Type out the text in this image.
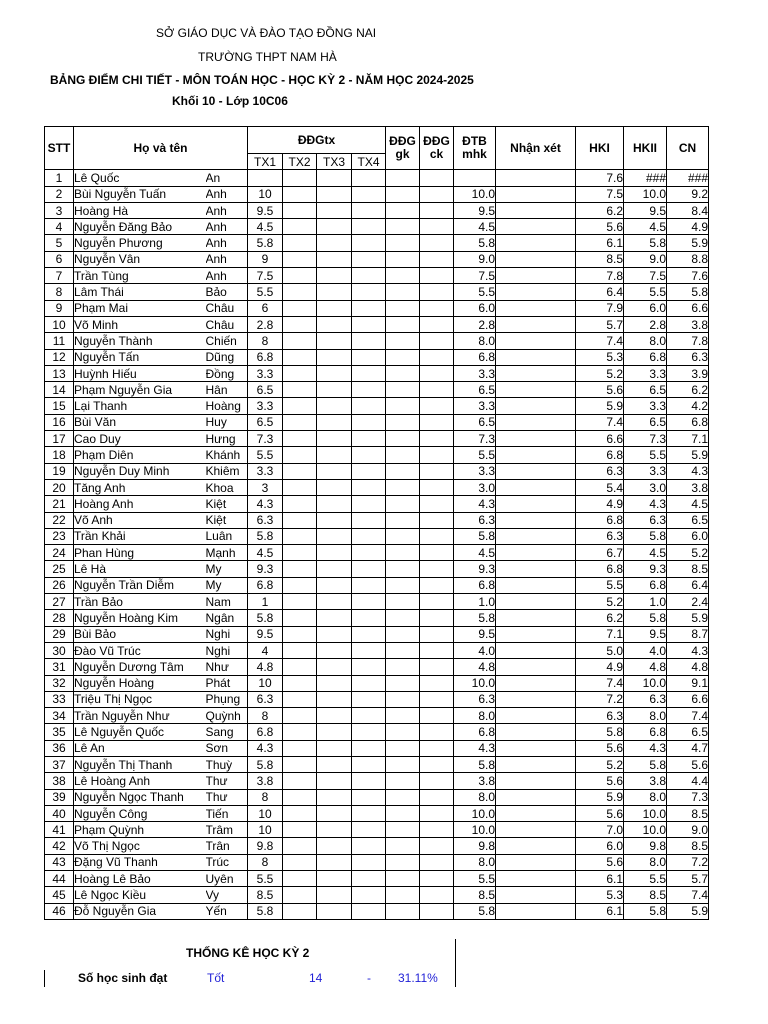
SỞ GIÁO DỤC VÀ ĐÀO TẠO ĐỒNG NAI
TRƯỜNG THPT NAM HÀ
BẢNG ĐIỂM CHI TIẾT - MÔN TOÁN HỌC - HỌC KỲ 2 - NĂM HỌC 2024-2025
Khối 10 - Lớp 10C06
STT	Họ và tên		ĐĐGtx				ĐĐG gk	ĐĐG ck	ĐTB mhk	Nhận xét	HKI	HKII	CN
			TX1	TX2	TX3	TX4							
1	Lê Quốc	An									7.6	###	###
2	Bùi Nguyễn Tuấn	Anh	10						10.0		7.5	10.0	9.2
3	Hoàng Hà	Anh	9.5						9.5		6.2	9.5	8.4
4	Nguyễn Đăng Bảo	Anh	4.5						4.5		5.6	4.5	4.9
5	Nguyễn Phương	Anh	5.8						5.8		6.1	5.8	5.9
6	Nguyễn Vân	Anh	9						9.0		8.5	9.0	8.8
7	Trần Tùng	Anh	7.5						7.5		7.8	7.5	7.6
8	Lâm Thái	Bảo	5.5						5.5		6.4	5.5	5.8
9	Phạm Mai	Châu	6						6.0		7.9	6.0	6.6
10	Võ Minh	Châu	2.8						2.8		5.7	2.8	3.8
11	Nguyễn Thành	Chiến	8						8.0		7.4	8.0	7.8
12	Nguyễn Tấn	Dũng	6.8						6.8		5.3	6.8	6.3
13	Huỳnh Hiếu	Đồng	3.3						3.3		5.2	3.3	3.9
14	Phạm Nguyễn Gia	Hân	6.5						6.5		5.6	6.5	6.2
15	Lại Thanh	Hoàng	3.3						3.3		5.9	3.3	4.2
16	Bùi Văn	Huy	6.5						6.5		7.4	6.5	6.8
17	Cao Duy	Hưng	7.3						7.3		6.6	7.3	7.1
18	Phạm Diên	Khánh	5.5						5.5		6.8	5.5	5.9
19	Nguyễn Duy Minh	Khiêm	3.3						3.3		6.3	3.3	4.3
20	Tăng Anh	Khoa	3						3.0		5.4	3.0	3.8
21	Hoàng Anh	Kiệt	4.3						4.3		4.9	4.3	4.5
22	Võ Anh	Kiệt	6.3						6.3		6.8	6.3	6.5
23	Trần Khải	Luân	5.8						5.8		6.3	5.8	6.0
24	Phan Hùng	Mạnh	4.5						4.5		6.7	4.5	5.2
25	Lê Hà	My	9.3						9.3		6.8	9.3	8.5
26	Nguyễn Trần Diễm	My	6.8						6.8		5.5	6.8	6.4
27	Trần Bảo	Nam	1						1.0		5.2	1.0	2.4
28	Nguyễn Hoàng Kim	Ngân	5.8						5.8		6.2	5.8	5.9
29	Bùi Bảo	Nghi	9.5						9.5		7.1	9.5	8.7
30	Đào Vũ Trúc	Nghi	4						4.0		5.0	4.0	4.3
31	Nguyễn Dương Tâm	Như	4.8						4.8		4.9	4.8	4.8
32	Nguyễn Hoàng	Phát	10						10.0		7.4	10.0	9.1
33	Triệu Thị Ngọc	Phụng	6.3						6.3		7.2	6.3	6.6
34	Trần Nguyễn Như	Quỳnh	8						8.0		6.3	8.0	7.4
35	Lê Nguyễn Quốc	Sang	6.8						6.8		5.8	6.8	6.5
36	Lê An	Sơn	4.3						4.3		5.6	4.3	4.7
37	Nguyễn Thị Thanh	Thuỳ	5.8						5.8		5.2	5.8	5.6
38	Lê Hoàng Anh	Thư	3.8						3.8		5.6	3.8	4.4
39	Nguyễn Ngọc Thanh	Thư	8						8.0		5.9	8.0	7.3
40	Nguyễn Công	Tiến	10						10.0		5.6	10.0	8.5
41	Phạm Quỳnh	Trâm	10						10.0		7.0	10.0	9.0
42	Võ Thị Ngọc	Trân	9.8						9.8		6.0	9.8	8.5
43	Đặng Vũ Thanh	Trúc	8						8.0		5.6	8.0	7.2
44	Hoàng Lê Bảo	Uyên	5.5						5.5		6.1	5.5	5.7
45	Lê Ngọc Kiều	Vy	8.5						8.5		5.3	8.5	7.4
46	Đỗ Nguyễn Gia	Yến	5.8						5.8		6.1	5.8	5.9
THỐNG KÊ HỌC KỲ 2
Số học sinh đạt	Tốt	14	- 31.11%
